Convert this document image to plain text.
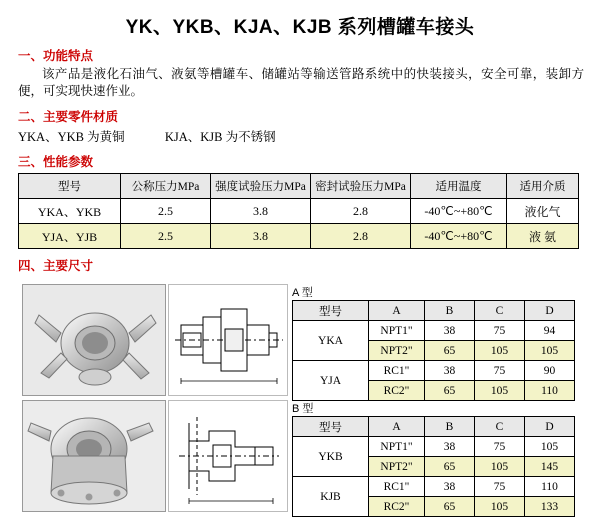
YK、YKB、KJA、KJB 系列槽罐车接头
一、功能特点
该产品是液化石油气、液氨等槽罐车、储罐站等输送管路系统中的快装接头，安全可靠，装卸方便，可实现快速作业。
二、主要零件材质
YKA、YKB 为黄铜	KJA、KJB 为不锈钢
三、性能参数
型号	公称压力MPa	强度试验压力MPa	密封试验压力MPa	适用温度	适用介质
YKA、YKB	2.5	3.8	2.8	-40℃~+80℃	液化气
YJA、YJB	2.5	3.8	2.8	-40℃~+80℃	液 氨
四、主要尺寸
A 型
型号	A	B	C	D
YKA	NPT1"	38	75	94
	NPT2"	65	105	105
YJA	RC1"	38	75	90
	RC2"	65	105	110
B 型
型号	A	B	C	D
YKB	NPT1"	38	75	105
	NPT2"	65	105	145
KJB	RC1"	38	75	110
	RC2"	65	105	133
